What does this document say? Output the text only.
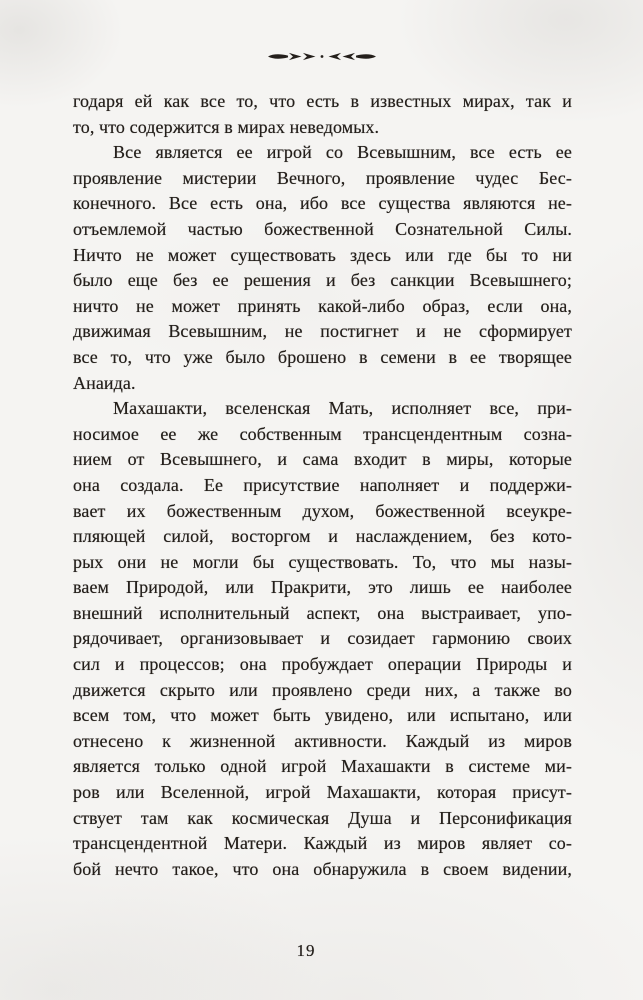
годаря ей как все то, что есть в известных мирах, так и
то, что содержится в мирах неведомых.
Все является ее игрой со Всевышним, все есть ее
проявление мистерии Вечного, проявление чудес Бес-
конечного. Все есть она, ибо все существа являются не-
отъемлемой частью божественной Сознательной Силы.
Ничто не может существовать здесь или где бы то ни
было еще без ее решения и без санкции Всевышнего;
ничто не может принять какой-либо образ, если она,
движимая Всевышним, не постигнет и не сформирует
все то, что уже было брошено в семени в ее творящее
Анаида.
Махашакти, вселенская Мать, исполняет все, при-
носимое ее же собственным трансцендентным созна-
нием от Всевышнего, и сама входит в миры, которые
она создала. Ее присутствие наполняет и поддержи-
вает их божественным духом, божественной всеукре-
пляющей силой, восторгом и наслаждением, без кото-
рых они не могли бы существовать. То, что мы назы-
ваем Природой, или Пракрити, это лишь ее наиболее
внешний исполнительный аспект, она выстраивает, упо-
рядочивает, организовывает и созидает гармонию своих
сил и процессов; она пробуждает операции Природы и
движется скрыто или проявлено среди них, а также во
всем том, что может быть увидено, или испытано, или
отнесено к жизненной активности. Каждый из миров
является только одной игрой Махашакти в системе ми-
ров или Вселенной, игрой Махашакти, которая присут-
ствует там как космическая Душа и Персонификация
трансцендентной Матери. Каждый из миров являет со-
бой нечто такое, что она обнаружила в своем видении,
19
